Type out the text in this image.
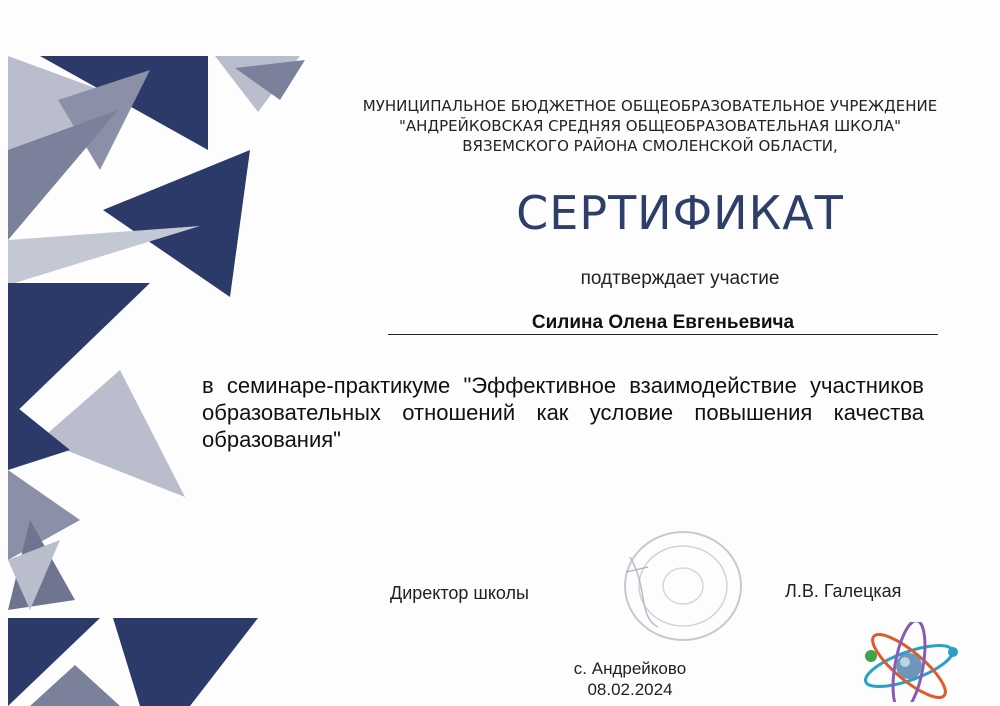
МУНИЦИПАЛЬНОЕ БЮДЖЕТНОЕ ОБЩЕОБРАЗОВАТЕЛЬНОЕ УЧРЕЖДЕНИЕ
"АНДРЕЙКОВСКАЯ СРЕДНЯЯ ОБЩЕОБРАЗОВАТЕЛЬНАЯ ШКОЛА"
ВЯЗЕМСКОГО РАЙОНА СМОЛЕНСКОЙ ОБЛАСТИ,
СЕРТИФИКАТ
подтверждает участие
Силина Олена Евгеньевича
в семинаре-практикуме "Эффективное взаимодействие участников образовательных отношений как условие повышения качества образования"
Директор школы	Л.В. Галецкая
с. Андрейково
08.02.2024
